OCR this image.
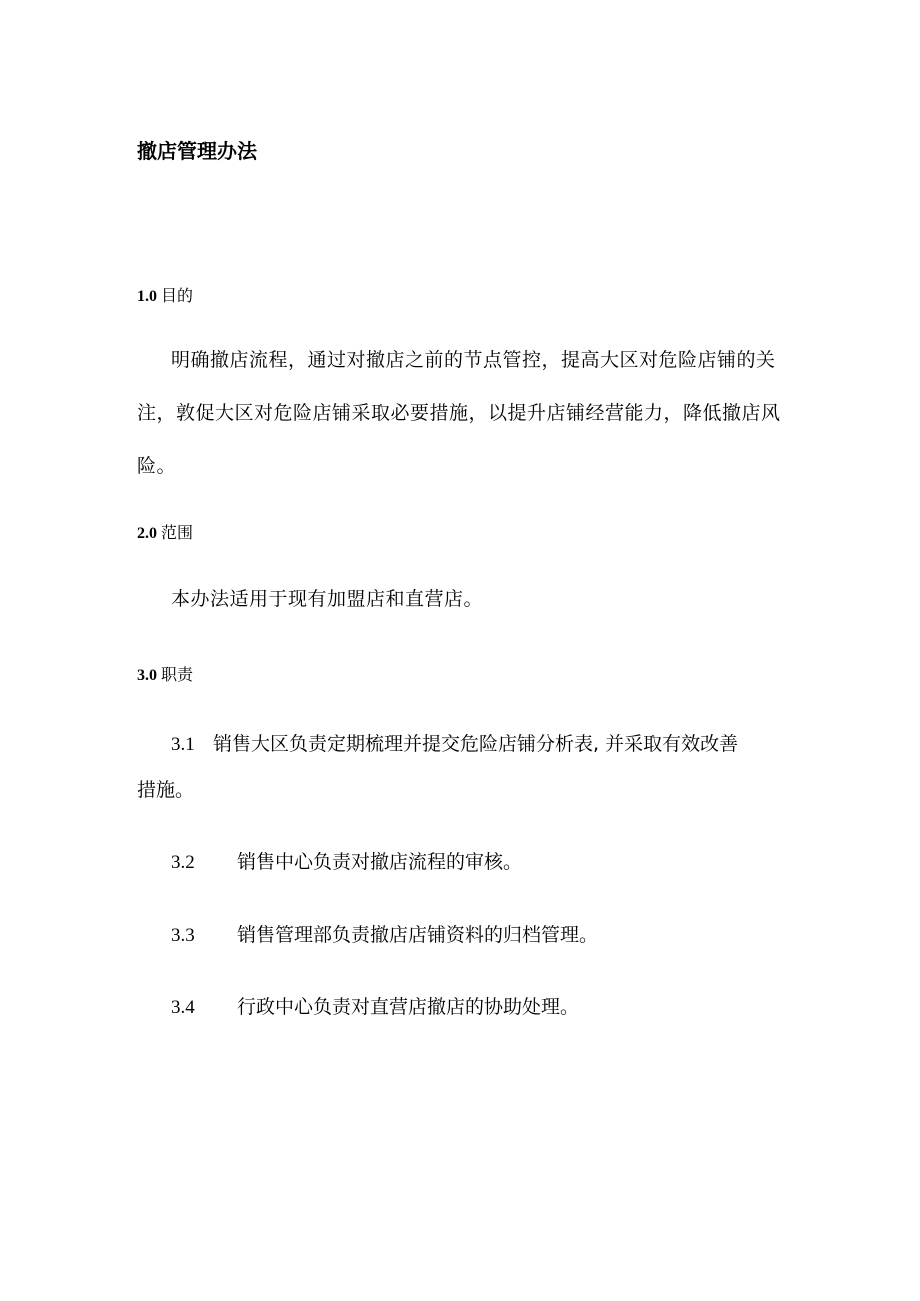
撤店管理办法
1.0 目的

明确撤店流程，通过对撤店之前的节点管控，提高大区对危险店铺的关注，敦促大区对危险店铺采取必要措施，以提升店铺经营能力，降低撤店风险。

2.0 范围

本办法适用于现有加盟店和直营店。

3.0 职责

3.1 销售大区负责定期梳理并提交危险店铺分析表, 并采取有效改善

措施。

3.2 销售中心负责对撤店流程的审核。

3.3 销售管理部负责撤店店铺资料的归档管理。

3.4 行政中心负责对直营店撤店的协助处理。
